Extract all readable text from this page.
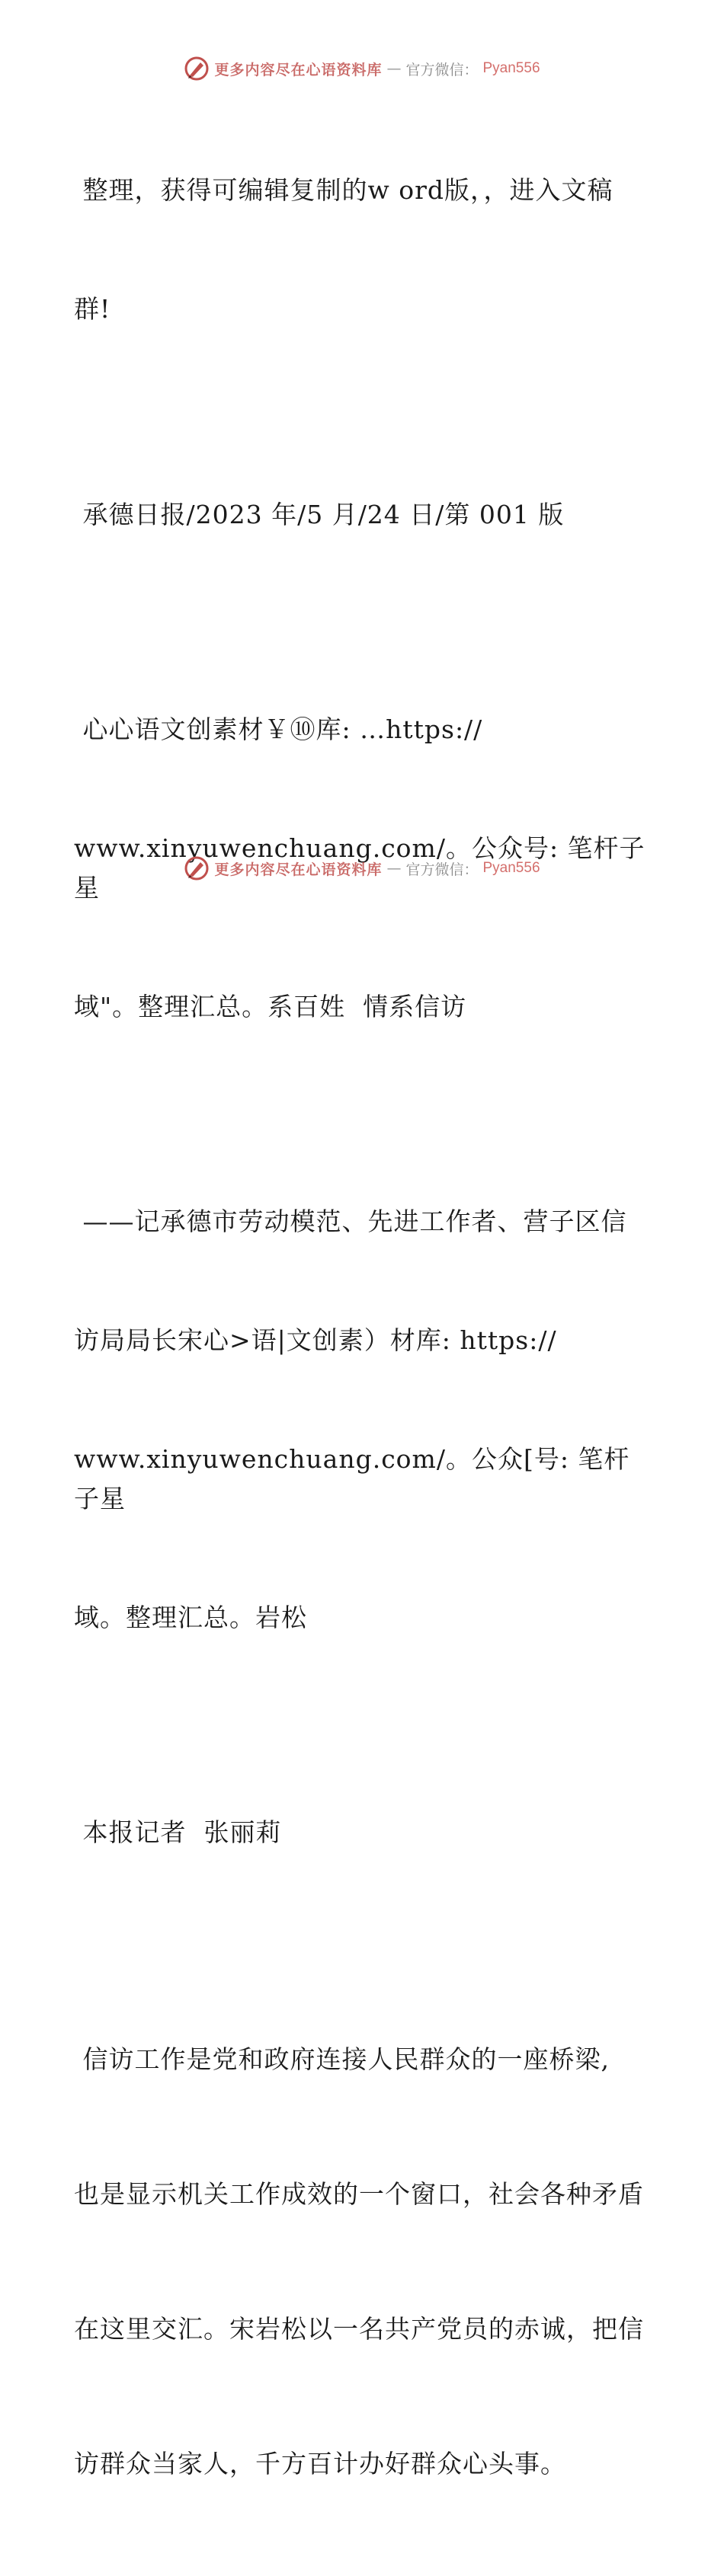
更多内容尽在心语资料库 — 官方微信： Pyan556

整理，获得可编辑复制的w ord版，，进入文稿

群!

承德日报/2023 年/5 月/24 日/第 001 版

心心语文创素材￥⑩库: …https://

www.xinyuwenchuang.com/。公众号: 笔杆子星

域"。整理汇总。系百姓  情系信访

——记承德市劳动模范、先进工作者、营子区信

访局局长宋心>语|文创素）材库: https://

www.xinyuwenchuang.com/。公众[号: 笔杆子星

域。整理汇总。岩松

本报记者  张丽莉

信访工作是党和政府连接人民群众的一座桥梁,

也是显示机关工作成效的一个窗口，社会各种矛盾

在这里交汇。宋岩松以一名共产党员的赤诚，把信

访群众当家人，千方百计办好群众心头事。

更多内容尽在心语资料库 — 官方微信： Pyan556
